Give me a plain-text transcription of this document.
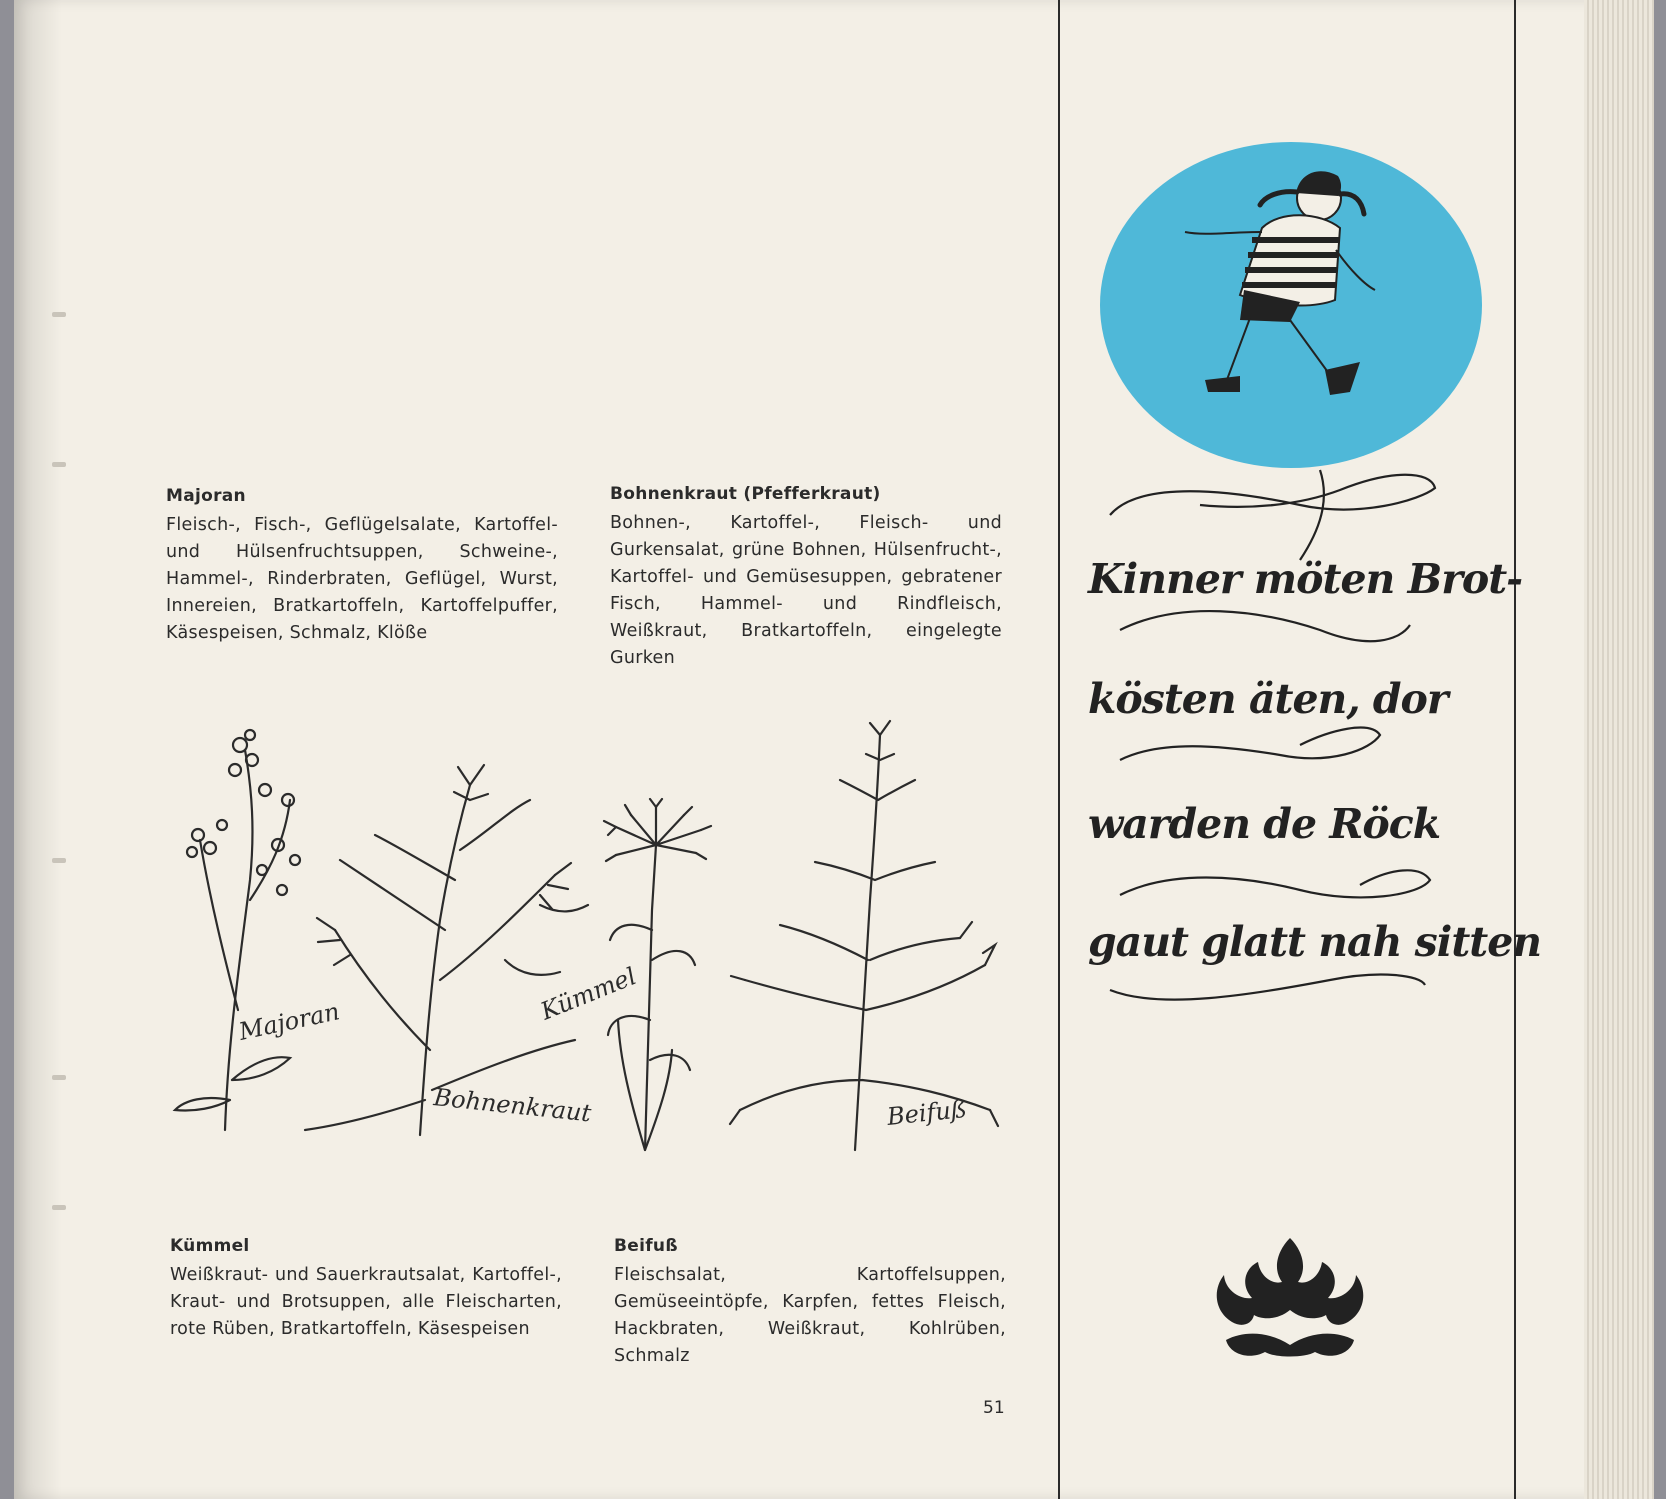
Majoran

Fleisch-, Fisch-, Geflügelsalate, Kartoffel- und Hülsenfruchtsuppen, Schweine-, Hammel-, Rinderbraten, Geflügel, Wurst, Innereien, Bratkartoffeln, Kartoffelpuffer, Käsespeisen, Schmalz, Klöße

Bohnenkraut (Pfefferkraut)

Bohnen-, Kartoffel-, Fleisch- und Gurkensalat, grüne Bohnen, Hülsenfrucht-, Kartoffel- und Gemüsesuppen, gebratener Fisch, Hammel- und Rindfleisch, Weißkraut, Bratkartoffeln, eingelegte Gurken

Kümmel

Weißkraut- und Sauerkrautsalat, Kartoffel-, Kraut- und Brotsuppen, alle Fleischarten, rote Rüben, Bratkartoffeln, Käsespeisen

Beifuß

Fleischsalat, Kartoffelsuppen, Gemüseeintöpfe, Karpfen, fettes Fleisch, Hackbraten, Weißkraut, Kohlrüben, Schmalz

51
Majoran
Bohnenkraut
Kümmel
Beifuß
Kinner möten Brot-
kösten äten, dor
warden de Röck
gaut glatt nah sitten
